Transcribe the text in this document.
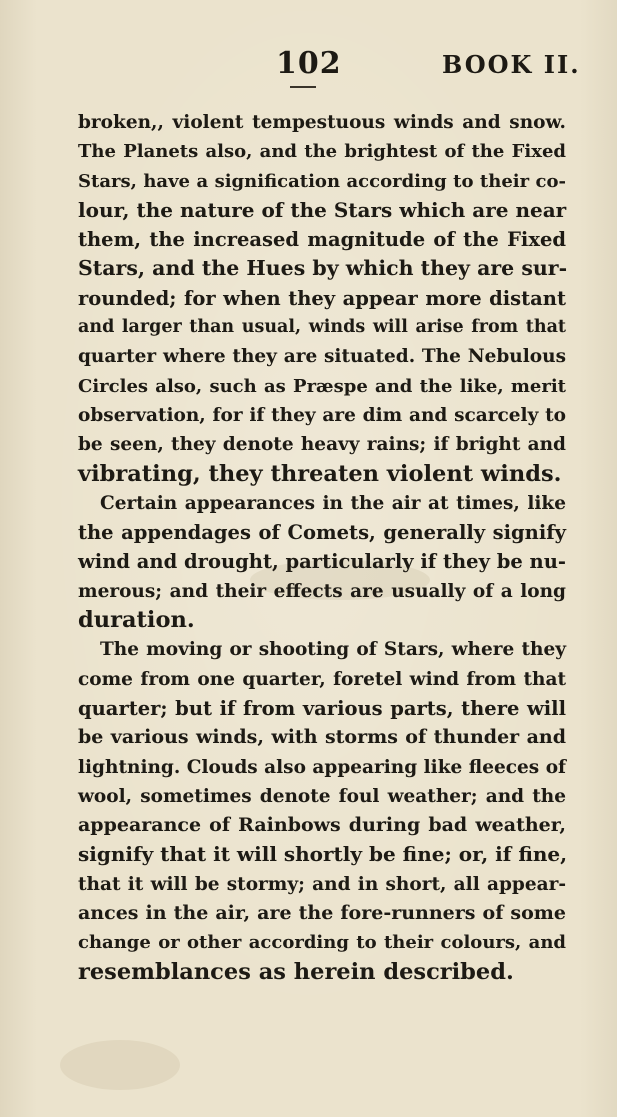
102	BOOK II.
broken,, violent tempestuous winds and snow.
The Planets also, and the brightest of the Fixed
Stars, have a signification according to their co-
lour, the nature of the Stars which are near
them, the increased magnitude of the Fixed
Stars, and the Hues by which they are sur-
rounded; for when they appear more distant
and larger than usual, winds will arise from that
quarter where they are situated. The Nebulous
Circles also, such as Præspe and the like, merit
observation, for if they are dim and scarcely to
be seen, they denote heavy rains; if bright and
vibrating, they threaten violent winds.
Certain appearances in the air at times, like
the appendages of Comets, generally signify
wind and drought, particularly if they be nu-
merous; and their effects are usually of a long
duration.
The moving or shooting of Stars, where they
come from one quarter, foretel wind from that
quarter; but if from various parts, there will
be various winds, with storms of thunder and
lightning. Clouds also appearing like fleeces of
wool, sometimes denote foul weather; and the
appearance of Rainbows during bad weather,
signify that it will shortly be fine; or, if fine,
that it will be stormy; and in short, all appear-
ances in the air, are the fore-runners of some
change or other according to their colours, and
resemblances as herein described.
